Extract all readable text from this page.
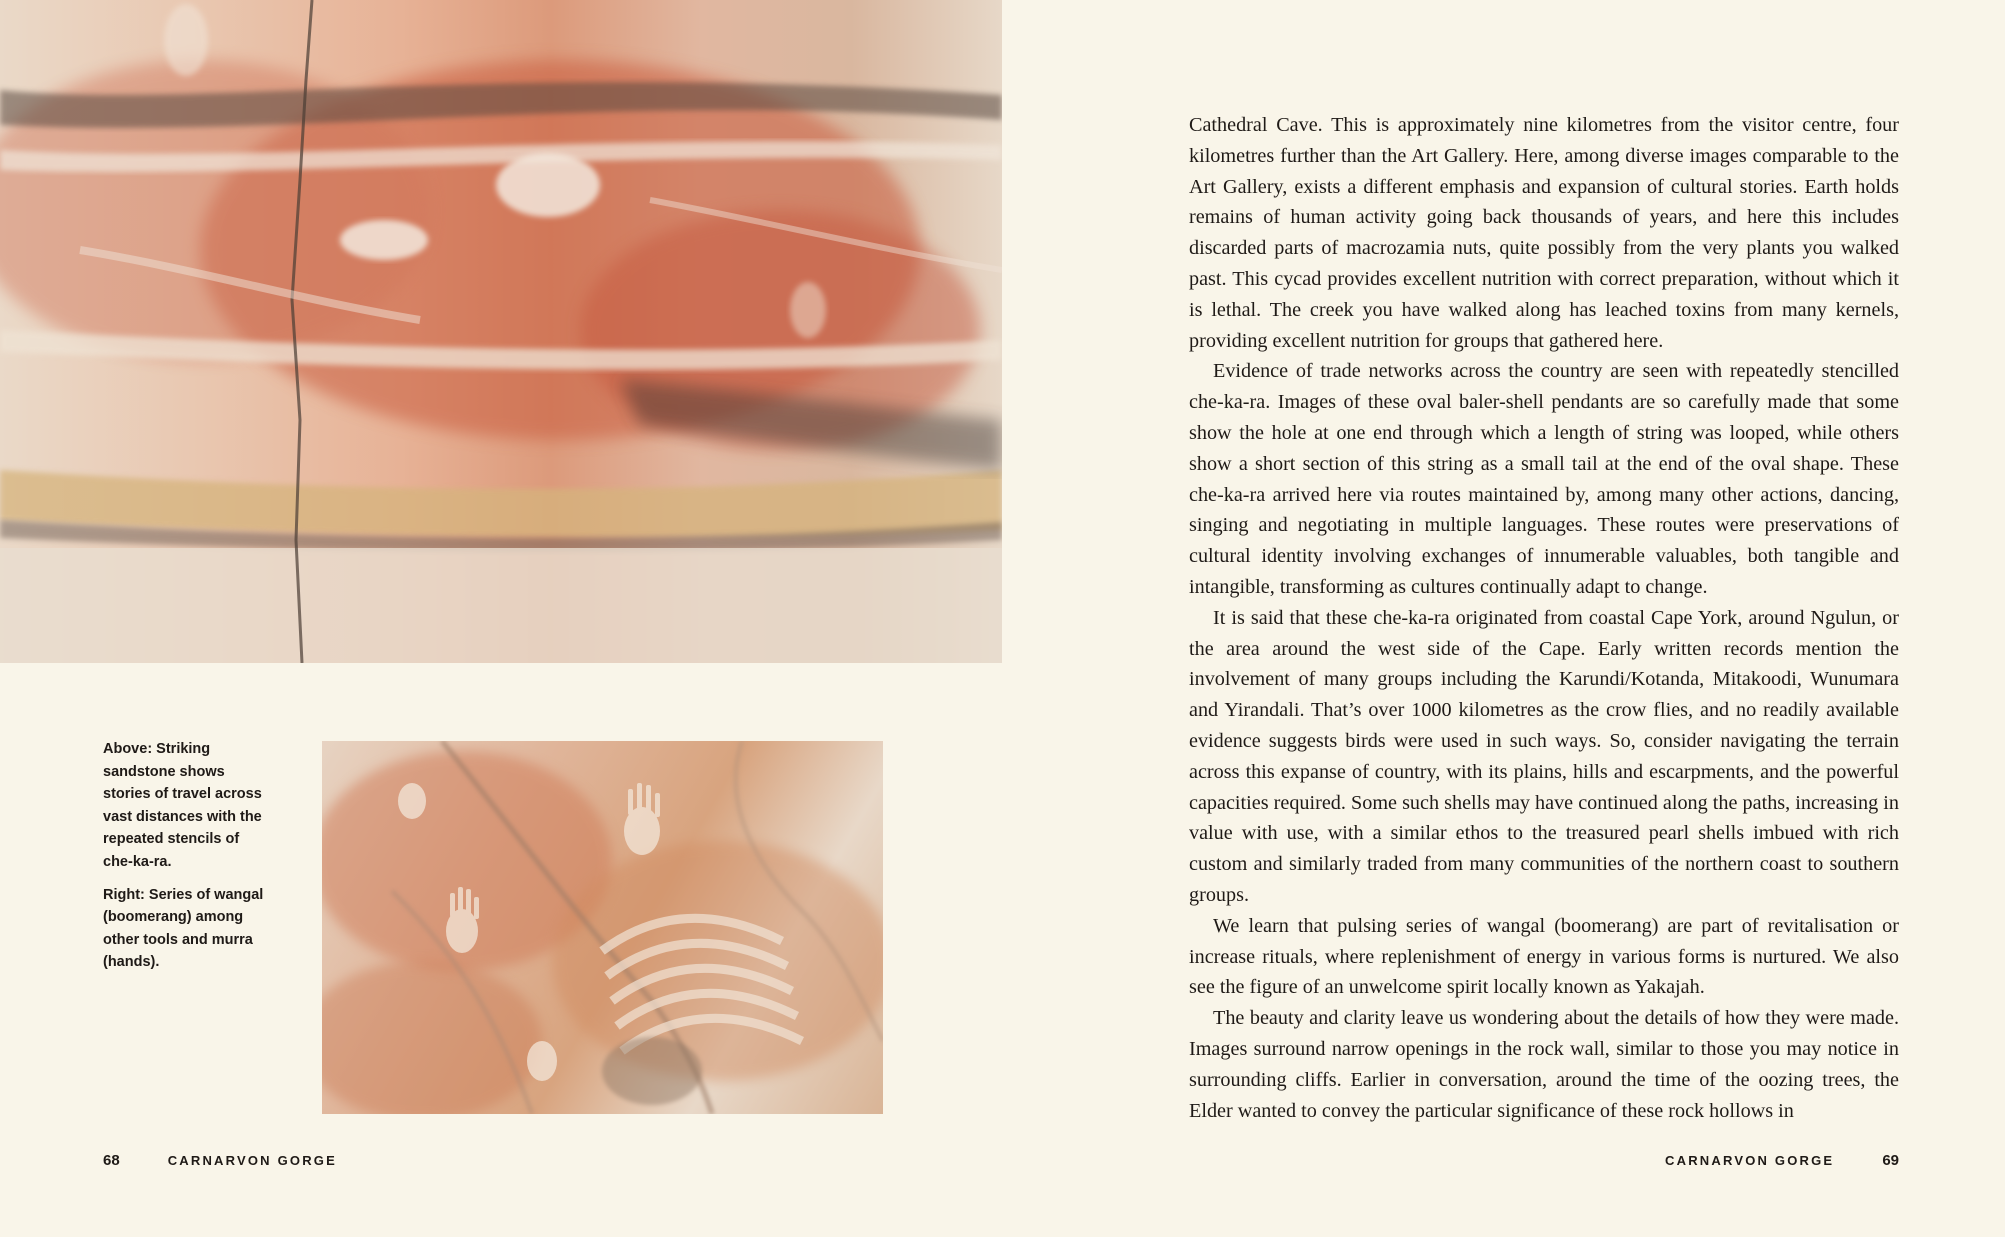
Above: Striking sandstone shows stories of travel across vast distances with the repeated stencils of che-ka-ra.

Right: Series of wangal (boomerang) among other tools and murra (hands).

Cathedral Cave. This is approximately nine kilometres from the visitor centre, four kilometres further than the Art Gallery. Here, among diverse images comparable to the Art Gallery, exists a different emphasis and expansion of cultural stories. Earth holds remains of human activity going back thousands of years, and here this includes discarded parts of macrozamia nuts, quite possibly from the very plants you walked past. This cycad provides excellent nutrition with correct preparation, without which it is lethal. The creek you have walked along has leached toxins from many kernels, providing excellent nutrition for groups that gathered here.

Evidence of trade networks across the country are seen with repeatedly stencilled che-ka-ra. Images of these oval baler-shell pendants are so carefully made that some show the hole at one end through which a length of string was looped, while others show a short section of this string as a small tail at the end of the oval shape. These che-ka-ra arrived here via routes maintained by, among many other actions, dancing, singing and negotiating in multiple languages. These routes were preservations of cultural identity involving exchanges of innumerable valuables, both tangible and intangible, transforming as cultures continually adapt to change.

It is said that these che-ka-ra originated from coastal Cape York, around Ngulun, or the area around the west side of the Cape. Early written records mention the involvement of many groups including the Karundi/Kotanda, Mitakoodi, Wunumara and Yirandali. That’s over 1000 kilometres as the crow flies, and no readily available evidence suggests birds were used in such ways. So, consider navigating the terrain across this expanse of country, with its plains, hills and escarpments, and the powerful capacities required. Some such shells may have continued along the paths, increasing in value with use, with a similar ethos to the treasured pearl shells imbued with rich custom and similarly traded from many communities of the northern coast to southern groups.

We learn that pulsing series of wangal (boomerang) are part of revitalisation or increase rituals, where replenishment of energy in various forms is nurtured. We also see the figure of an unwelcome spirit locally known as Yakajah.

The beauty and clarity leave us wondering about the details of how they were made. Images surround narrow openings in the rock wall, similar to those you may notice in surrounding cliffs. Earlier in conversation, around the time of the oozing trees, the Elder wanted to convey the particular significance of these rock hollows in

68	CARNARVON GORGE	CARNARVON GORGE	69
